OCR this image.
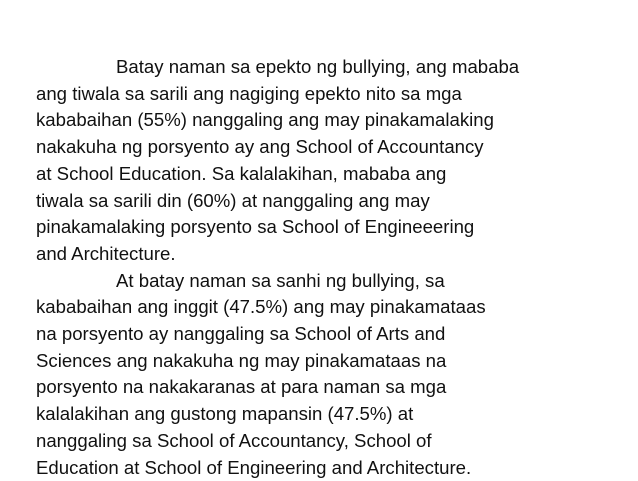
Batay naman sa epekto ng bullying, ang mababa
ang tiwala sa sarili ang nagiging epekto nito sa mga
kababaihan (55%) nanggaling ang may pinakamalaking
nakakuha ng porsyento ay ang School of Accountancy
at School Education. Sa kalalakihan, mababa ang
tiwala sa sarili din (60%) at nanggaling ang may
pinakamalaking porsyento sa School of Engineeering
and Architecture.
At batay naman sa sanhi ng bullying, sa
kababaihan ang inggit (47.5%) ang may pinakamataas
na porsyento ay nanggaling sa School of Arts and
Sciences ang nakakuha ng may pinakamataas na
porsyento na nakakaranas at para naman sa mga
kalalakihan ang gustong mapansin (47.5%) at
nanggaling sa School of Accountancy, School of
Education at School of Engineering and Architecture.
